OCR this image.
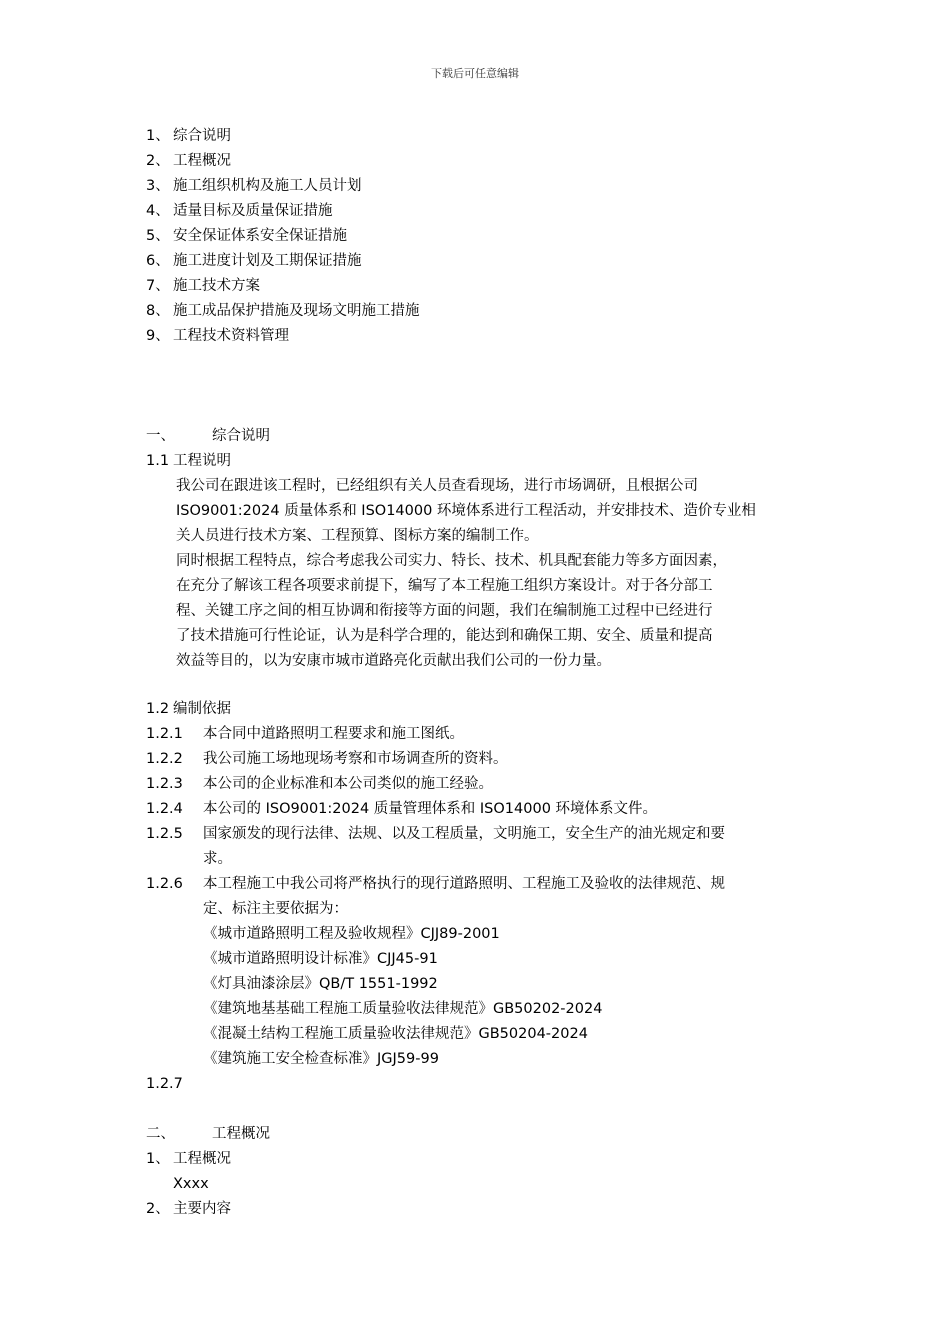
下载后可任意编辑
1、 综合说明
2、 工程概况
3、 施工组织机构及施工人员计划
4、 适量目标及质量保证措施
5、 安全保证体系安全保证措施
6、 施工进度计划及工期保证措施
7、 施工技术方案
8、 施工成品保护措施及现场文明施工措施
9、 工程技术资料管理
一、	综合说明
1.1 工程说明
我公司在跟进该工程时，已经组织有关人员查看现场，进行市场调研，且根据公司
ISO9001:2024 质量体系和 ISO14000 环境体系进行工程活动，并安排技术、造价专业相
关人员进行技术方案、工程预算、图标方案的编制工作。
同时根据工程特点，综合考虑我公司实力、特长、技术、机具配套能力等多方面因素，
在充分了解该工程各项要求前提下，编写了本工程施工组织方案设计。对于各分部工
程、关键工序之间的相互协调和衔接等方面的问题，我们在编制施工过程中已经进行
了技术措施可行性论证，认为是科学合理的，能达到和确保工期、安全、质量和提高
效益等目的，以为安康市城市道路亮化贡献出我们公司的一份力量。
1.2 编制依据
1.2.1 本合同中道路照明工程要求和施工图纸。
1.2.2 我公司施工场地现场考察和市场调查所的资料。
1.2.3 本公司的企业标准和本公司类似的施工经验。
1.2.4 本公司的 ISO9001:2024 质量管理体系和 ISO14000 环境体系文件。
1.2.5 国家颁发的现行法律、法规、以及工程质量，文明施工，安全生产的油光规定和要
求。
1.2.6 本工程施工中我公司将严格执行的现行道路照明、工程施工及验收的法律规范、规
定、标注主要依据为：
《城市道路照明工程及验收规程》CJJ89-2001
《城市道路照明设计标准》CJJ45-91
《灯具油漆涂层》QB/T 1551-1992
《建筑地基基础工程施工质量验收法律规范》GB50202-2024
《混凝土结构工程施工质量验收法律规范》GB50204-2024
《建筑施工安全检查标准》JGJ59-99
1.2.7
二、	工程概况
1、 工程概况
Xxxx
2、 主要内容
